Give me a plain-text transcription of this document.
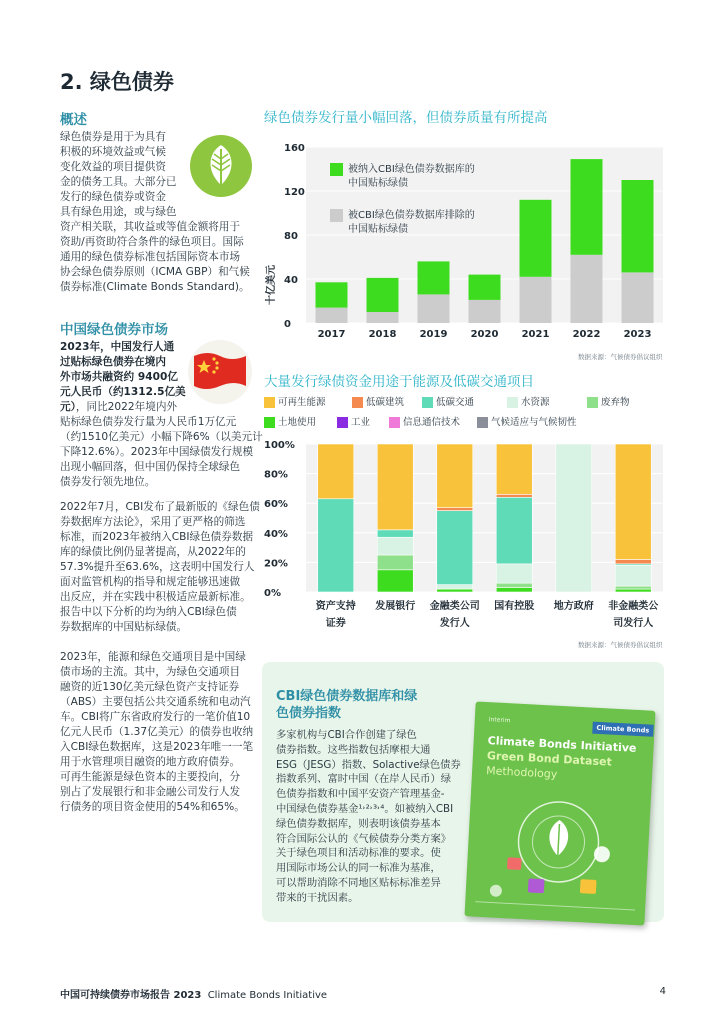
2. 绿色债券
概述
绿色债券是用于为具有
积极的环境效益或气候
变化效益的项目提供资
金的债务工具。大部分已
发行的绿色债券或资金
具有绿色用途，或与绿色
资产相关联，其收益或等值金额将用于
资助/再资助符合条件的绿色项目。国际
通用的绿色债券标准包括国际资本市场
协会绿色债券原则（ICMA GBP）和气候
债券标准(Climate Bonds Standard)。
中国绿色债券市场
2023年，中国发行人通
过贴标绿色债券在境内
外市场共融资约 9400亿
元人民币（约1312.5亿美
元），同比2022年境内外
贴标绿色债券发行量为人民币1万亿元
（约1510亿美元）小幅下降6%（以美元计
下降12.6%）。2023年中国绿债发行规模
出现小幅回落，但中国仍保持全球绿色
债券发行领先地位。
2022年7月，CBI发布了最新版的《绿色债
券数据库方法论》，采用了更严格的筛选
标准，而2023年被纳入CBI绿色债券数据
库的绿债比例仍显著提高，从2022年的
57.3%提升至63.6%，这表明中国发行人
面对监管机构的指导和规定能够迅速做
出反应，并在实践中积极适应最新标准。
报告中以下分析的均为纳入CBI绿色债
券数据库的中国贴标绿债。
2023年，能源和绿色交通项目是中国绿
债市场的主流。其中，为绿色交通项目
融资的近130亿美元绿色资产支持证券
（ABS）主要包括公共交通系统和电动汽
车。CBI将广东省政府发行的一笔价值10
亿元人民币（1.37亿美元）的债券也收纳
入CBI绿色数据库，这是2023年唯一一笔
用于水管理项目融资的地方政府债券。
可再生能源是绿色资本的主要投向，分
别占了发展银行和非金融公司发行人发
行债务的项目资金使用的54%和65%。
绿色债券发行量小幅回落，但债券质量有所提高
0
40
80
120
160
十亿美元
2017 2018 2019 2020 2021 2022 2023
被纳入CBI绿色债券数据库的
中国贴标绿债
被CBI绿色债券数据库排除的
中国贴标绿债
数据来源：气候债券倡议组织
大量发行绿债资金用途于能源及低碳交通项目
可再生能源	低碳建筑	低碳交通	水资源	废弃物
土地使用	工业	信息通信技术	气候适应与气候韧性
0%
20%
40%
60%
80%
100%
资产支持
证券
发展银行 金融类公司
发行人
国有控股 地方政府 非金融类公
司发行人
数据来源：气候债券倡议组织
CBI绿色债券数据库和绿
色债券指数
多家机构与CBI合作创建了绿色
债券指数。这些指数包括摩根大通
ESG（JESG）指数、Solactive绿色债券
指数系列、富时中国（在岸人民币）绿
色债券指数和中国平安资产管理基金-
中国绿色债券基金¹˒²˒³˒⁴。如被纳入CBI
绿色债券数据库，则表明该债券基本
符合国际公认的《气候债券分类方案》
关于绿色项目和活动标准的要求。使
用国际市场公认的同一标准为基准，
可以帮助消除不同地区贴标标准差异
带来的干扰因素。
Climate Bonds
Interim
Climate Bonds Initiative
Green Bond Dataset
Methodology
中国可持续债券市场报告 2023 Climate Bonds Initiative	4
